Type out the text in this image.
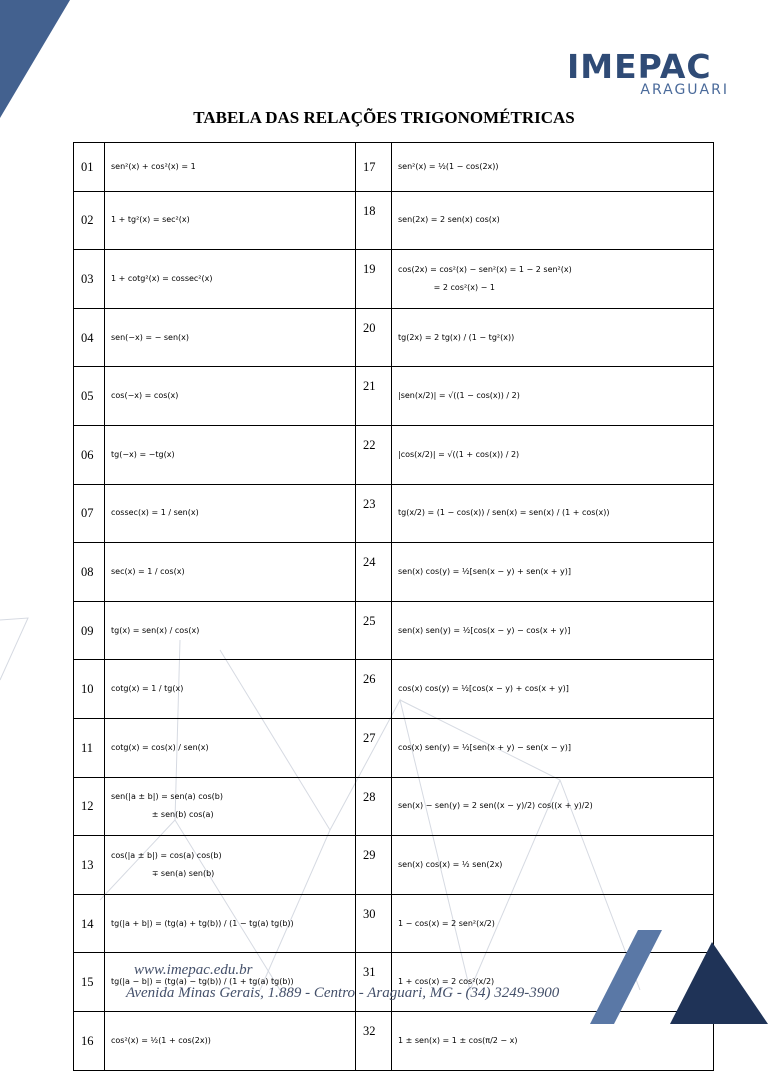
IMEPAC
ARAGUARI
TABELA DAS RELAÇÕES TRIGONOMÉTRICAS
01	sen²(x) + cos²(x) = 1	17	sen²(x) = ½(1 − cos(2x))

02	1 + tg²(x) = sec²(x)	18	sen(2x) = 2 sen(x) cos(x)

03	1 + cotg²(x) = cossec²(x)	19	cos(2x) = cos²(x) − sen²(x) = 1 − 2 sen²(x)
= 2 cos²(x) − 1

04	sen(−x) = − sen(x)	20	tg(2x) = 2 tg(x) / (1 − tg²(x))

05	cos(−x) = cos(x)	21	|sen(x/2)| = √((1 − cos(x)) / 2)

06	tg(−x) = −tg(x)	22	|cos(x/2)| = √((1 + cos(x)) / 2)

07	cossec(x) = 1 / sen(x)	23	tg(x/2) = (1 − cos(x)) / sen(x) = sen(x) / (1 + cos(x))

08	sec(x) = 1 / cos(x)	24	sen(x) cos(y) = ½[sen(x − y) + sen(x + y)]

09	tg(x) = sen(x) / cos(x)	25	sen(x) sen(y) = ½[cos(x − y) − cos(x + y)]

10	cotg(x) = 1 / tg(x)	26	cos(x) cos(y) = ½[cos(x − y) + cos(x + y)]

11	cotg(x) = cos(x) / sen(x)	27	cos(x) sen(y) = ½[sen(x + y) − sen(x − y)]

12	sen(|a ± b|) = sen(a) cos(b)
± sen(b) cos(a)	28	sen(x) − sen(y) = 2 sen((x − y)/2) cos((x + y)/2)

13	cos(|a ± b|) = cos(a) cos(b)
∓ sen(a) sen(b)	29	sen(x) cos(x) = ½ sen(2x)

14	tg(|a + b|) = (tg(a) + tg(b)) / (1 − tg(a) tg(b))	30	1 − cos(x) = 2 sen²(x/2)

15	tg(|a − b|) = (tg(a) − tg(b)) / (1 + tg(a) tg(b))	31	1 + cos(x) = 2 cos²(x/2)

16	cos²(x) = ½(1 + cos(2x))	32	1 ± sen(x) = 1 ± cos(π/2 − x)
www.imepac.edu.br
Avenida Minas Gerais, 1.889 - Centro - Araguari, MG - (34) 3249-3900
